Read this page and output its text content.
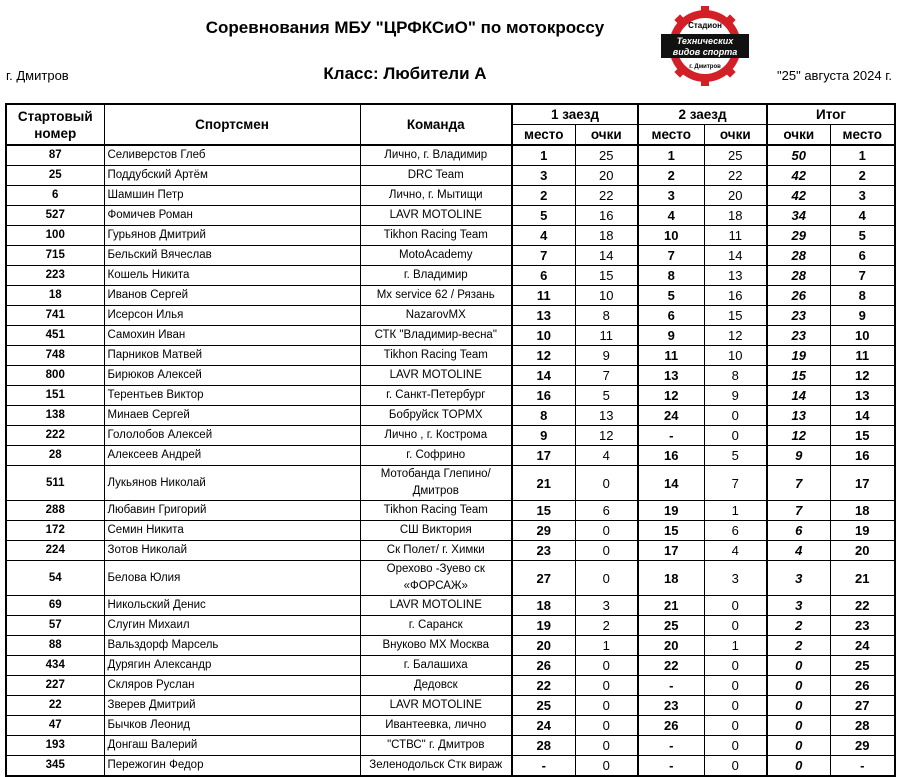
Соревнования МБУ "ЦРФКСиО" по мотокроссу
г. Дмитров	Класс: Любители А	"25" августа 2024 г.
Стадион
Технических
видов спорта
г. Дмитров
Стартовый номер	Спортсмен	Команда	1 заезд		2 заезд		Итог	
			место	очки	место	очки	очки	место
87	Селиверстов Глеб	Лично, г. Владимир	1	25	1	25	50	1
25	Поддубский Артём	DRC Team	3	20	2	22	42	2
6	Шамшин Петр	Лично, г. Мытищи	2	22	3	20	42	3
527	Фомичев Роман	LAVR MOTOLINE	5	16	4	18	34	4
100	Гурьянов Дмитрий	Tikhon Racing Team	4	18	10	11	29	5
715	Бельский Вячеслав	MotoAcademy	7	14	7	14	28	6
223	Кошель Никита	г. Владимир	6	15	8	13	28	7
18	Иванов Сергей	Mx service 62 / Рязань	11	10	5	16	26	8
741	Исерсон Илья	NazarovMX	13	8	6	15	23	9
451	Самохин Иван	СТК "Владимир-весна"	10	11	9	12	23	10
748	Парников Матвей	Tikhon Racing Team	12	9	11	10	19	11
800	Бирюков Алексей	LAVR MOTOLINE	14	7	13	8	15	12
151	Терентьев Виктор	г. Санкт-Петербург	16	5	12	9	14	13
138	Минаев Сергей	Бобруйск TOPMX	8	13	24	0	13	14
222	Гололобов Алексей	Лично , г. Кострома	9	12	-	0	12	15
28	Алексеев Андрей	г. Софрино	17	4	16	5	9	16
511	Лукьянов Николай	Мотобанда Глепино/Дмитров	21	0	14	7	7	17
288	Любавин Григорий	Tikhon Racing Team	15	6	19	1	7	18
172	Семин Никита	СШ Виктория	29	0	15	6	6	19
224	Зотов Николай	Ск Полет/ г. Химки	23	0	17	4	4	20
54	Белова Юлия	Орехово -Зуево ск «ФОРСАЖ»	27	0	18	3	3	21
69	Никольский Денис	LAVR MOTOLINE	18	3	21	0	3	22
57	Слугин Михаил	г. Саранск	19	2	25	0	2	23
88	Вальздорф Марсель	Внуково MX Москва	20	1	20	1	2	24
434	Дурягин Александр	г. Балашиха	26	0	22	0	0	25
227	Скляров Руслан	Дедовск	22	0	-	0	0	26
22	Зверев Дмитрий	LAVR MOTOLINE	25	0	23	0	0	27
47	Бычков Леонид	Ивантеевка, лично	24	0	26	0	0	28
193	Донгаш Валерий	"СТВС" г. Дмитров	28	0	-	0	0	29
345	Пережогин Федор	Зеленодольск Стк вираж	-	0	-	0	0	-
